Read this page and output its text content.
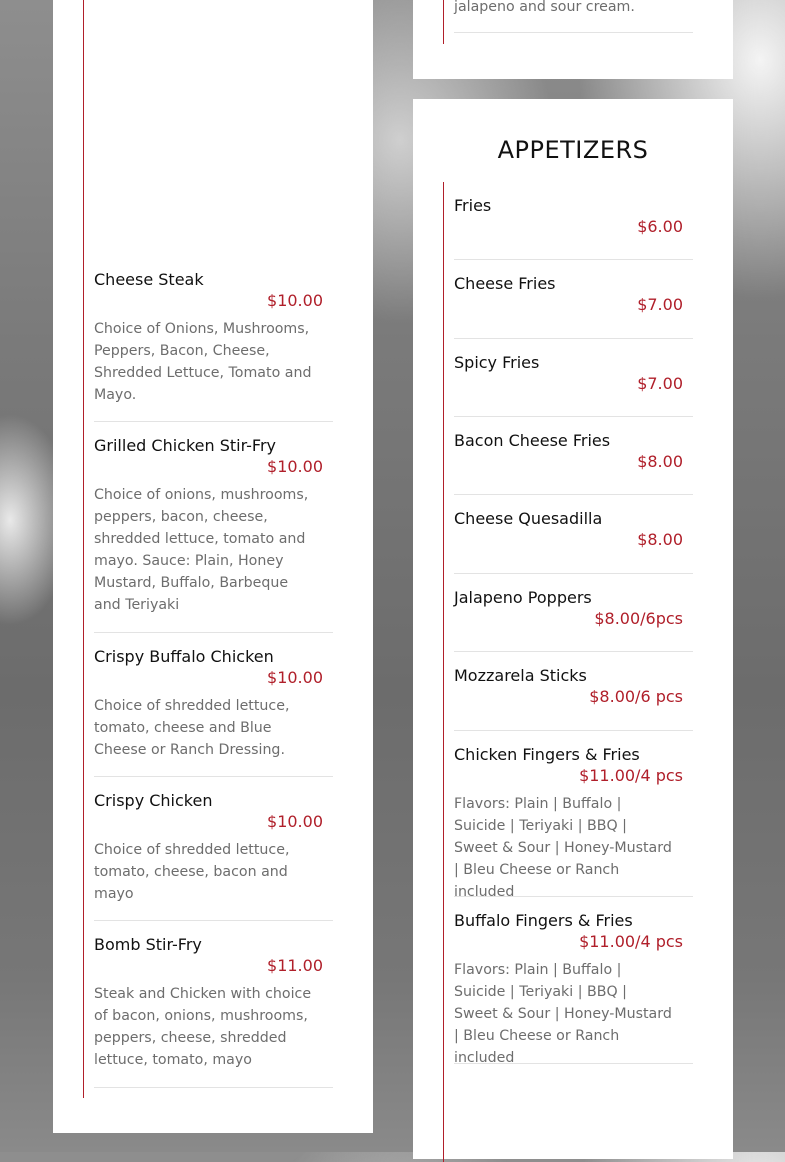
Cheese Steak
$10.00
Choice of Onions, Mushrooms, Peppers, Bacon, Cheese, Shredded Lettuce, Tomato and Mayo.
Grilled Chicken Stir-Fry
$10.00
Choice of onions, mushrooms, peppers, bacon, cheese, shredded lettuce, tomato and mayo. Sauce: Plain, Honey Mustard, Buffalo, Barbeque and Teriyaki
Crispy Buffalo Chicken
$10.00
Choice of shredded lettuce, tomato, cheese and Blue Cheese or Ranch Dressing.
Crispy Chicken
$10.00
Choice of shredded lettuce, tomato, cheese, bacon and mayo
Bomb Stir-Fry
$11.00
Steak and Chicken with choice of bacon, onions, mushrooms, peppers, cheese, shredded lettuce, tomato, mayo
jalapeno and sour cream.
APPETIZERS
Fries
$6.00
Cheese Fries
$7.00
Spicy Fries
$7.00
Bacon Cheese Fries
$8.00
Cheese Quesadilla
$8.00
Jalapeno Poppers
$8.00/6pcs
Mozzarela Sticks
$8.00/6 pcs
Chicken Fingers & Fries
$11.00/4 pcs
Flavors: Plain | Buffalo | Suicide | Teriyaki | BBQ | Sweet & Sour | Honey-Mustard | Bleu Cheese or Ranch included
Buffalo Fingers & Fries
$11.00/4 pcs
Flavors: Plain | Buffalo | Suicide | Teriyaki | BBQ | Sweet & Sour | Honey-Mustard | Bleu Cheese or Ranch included
